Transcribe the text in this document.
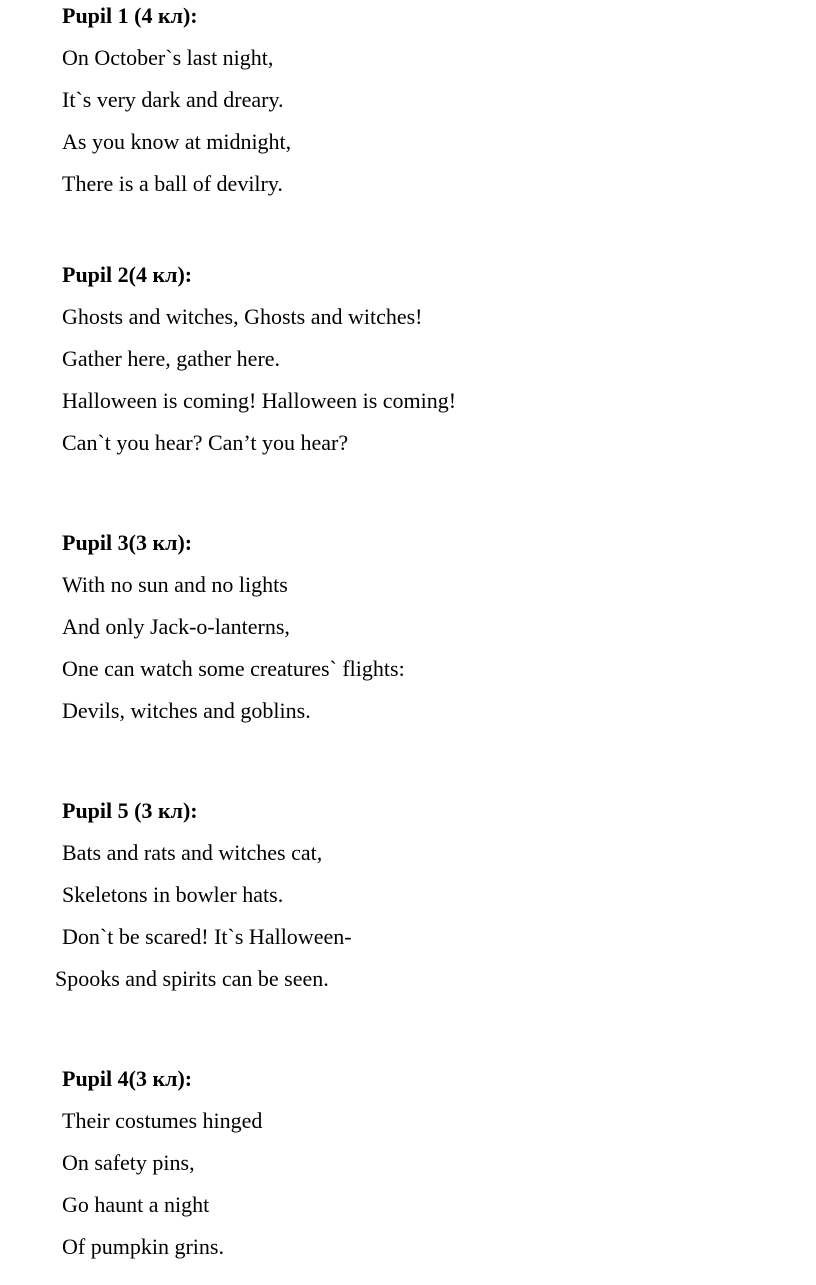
Pupil 1 (4 кл):
On October`s last night,
It`s very dark and dreary.
As you know at midnight,
There is a ball of devilry.
Pupil 2(4 кл):
Ghosts and witches, Ghosts and witches!
Gather here, gather here.
Halloween is coming! Halloween is coming!
Can`t you hear? Can’t you hear?
Pupil 3(3 кл):
With no sun and no lights
And only Jack-o-lanterns,
One can watch some creatures` flights:
Devils, witches and goblins.
Pupil 5 (3 кл):
Bats and rats and witches cat,
Skeletons in bowler hats.
Don`t be scared! It`s Halloween-
Spooks and spirits can be seen.
Pupil 4(3 кл):
Their costumes hinged
On safety pins,
Go haunt a night
Of pumpkin grins.
